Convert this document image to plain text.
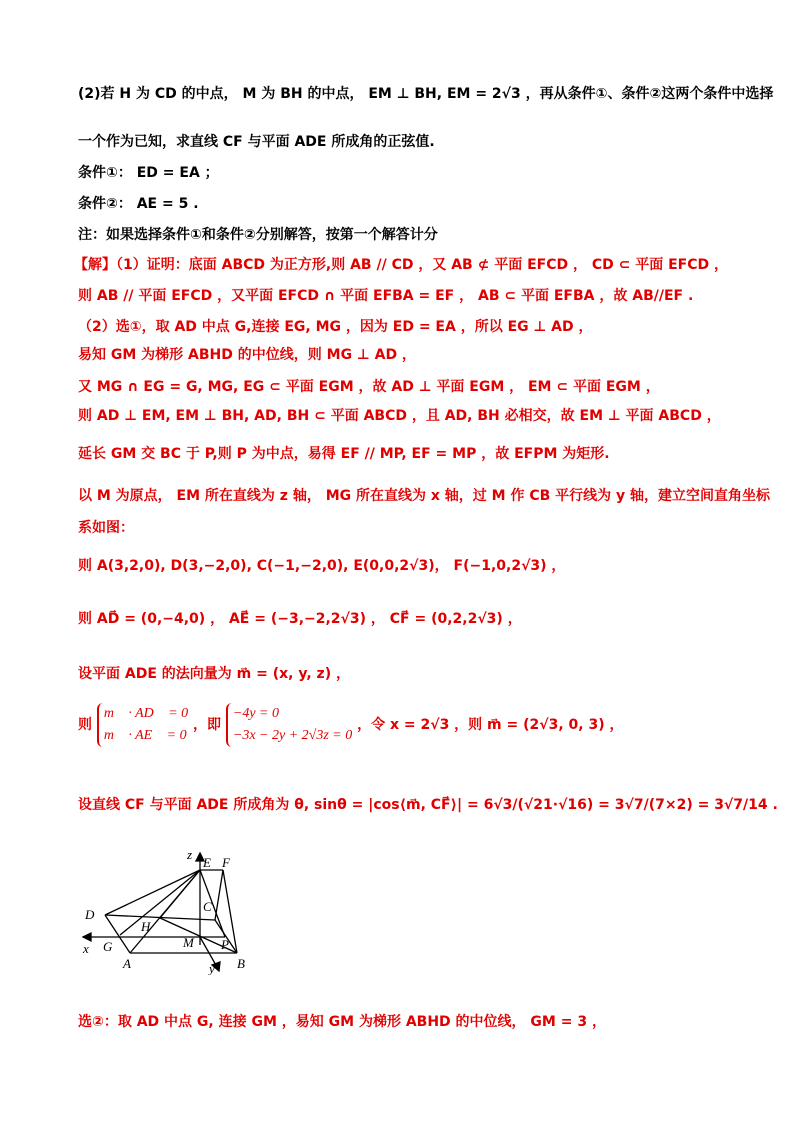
(2)若 H 为 CD 的中点， M 为 BH 的中点， EM ⊥ BH, EM = 2√3 ，再从条件①、条件②这两个条件中选择
一个作为已知，求直线 CF 与平面 ADE 所成角的正弦值.
条件①： ED = EA ；
条件②： AE = 5 .
注：如果选择条件①和条件②分别解答，按第一个解答计分
【解】（1）证明：底面 ABCD 为正方形,则 AB // CD ，又 AB ⊄ 平面 EFCD ， CD ⊂ 平面 EFCD ，
则 AB // 平面 EFCD ，又平面 EFCD ∩ 平面 EFBA = EF ， AB ⊂ 平面 EFBA ，故 AB//EF .
（2）选①，取 AD 中点 G,连接 EG, MG ，因为 ED = EA ，所以 EG ⊥ AD ，
易知 GM 为梯形 ABHD 的中位线，则 MG ⊥ AD ，
又 MG ∩ EG = G, MG, EG ⊂ 平面 EGM ，故 AD ⊥ 平面 EGM ， EM ⊂ 平面 EGM ，
则 AD ⊥ EM, EM ⊥ BH, AD, BH ⊂ 平面 ABCD ，且 AD, BH 必相交，故 EM ⊥ 平面 ABCD ，
延长 GM 交 BC 于 P,则 P 为中点，易得 EF // MP, EF = MP ，故 EFPM 为矩形.
以 M 为原点， EM 所在直线为 z 轴， MG 所在直线为 x 轴，过 M 作 CB 平行线为 y 轴，建立空间直角坐标
系如图：
则 A(3,2,0), D(3,−2,0), C(−1,−2,0), E(0,0,2√3)， F(−1,0,2√3) ，
则 AD⃗ = (0,−4,0) ， AE⃗ = (−3,−2,2√3) ， CF⃗ = (0,2,2√3) ，
设平面 ADE 的法向量为 m⃗ = (x, y, z) ，
则 m⃗ · AD⃗ = 0
m⃗ · AE⃗ = 0 ，即 −4y = 0
−3x − 2y + 2√3z = 0 ，令 x = 2√3 ，则 m⃗ = (2√3, 0, 3) ，
设直线 CF 与平面 ADE 所成角为 θ, sinθ = |cos⟨m⃗, CF⃗⟩| = 6√3/(√21·√16) = 3√7/(7×2) = 3√7/14 .
z
E F
D
C
H
x G	M P
A	y B
选②：取 AD 中点 G, 连接 GM ，易知 GM 为梯形 ABHD 的中位线， GM = 3 ，
